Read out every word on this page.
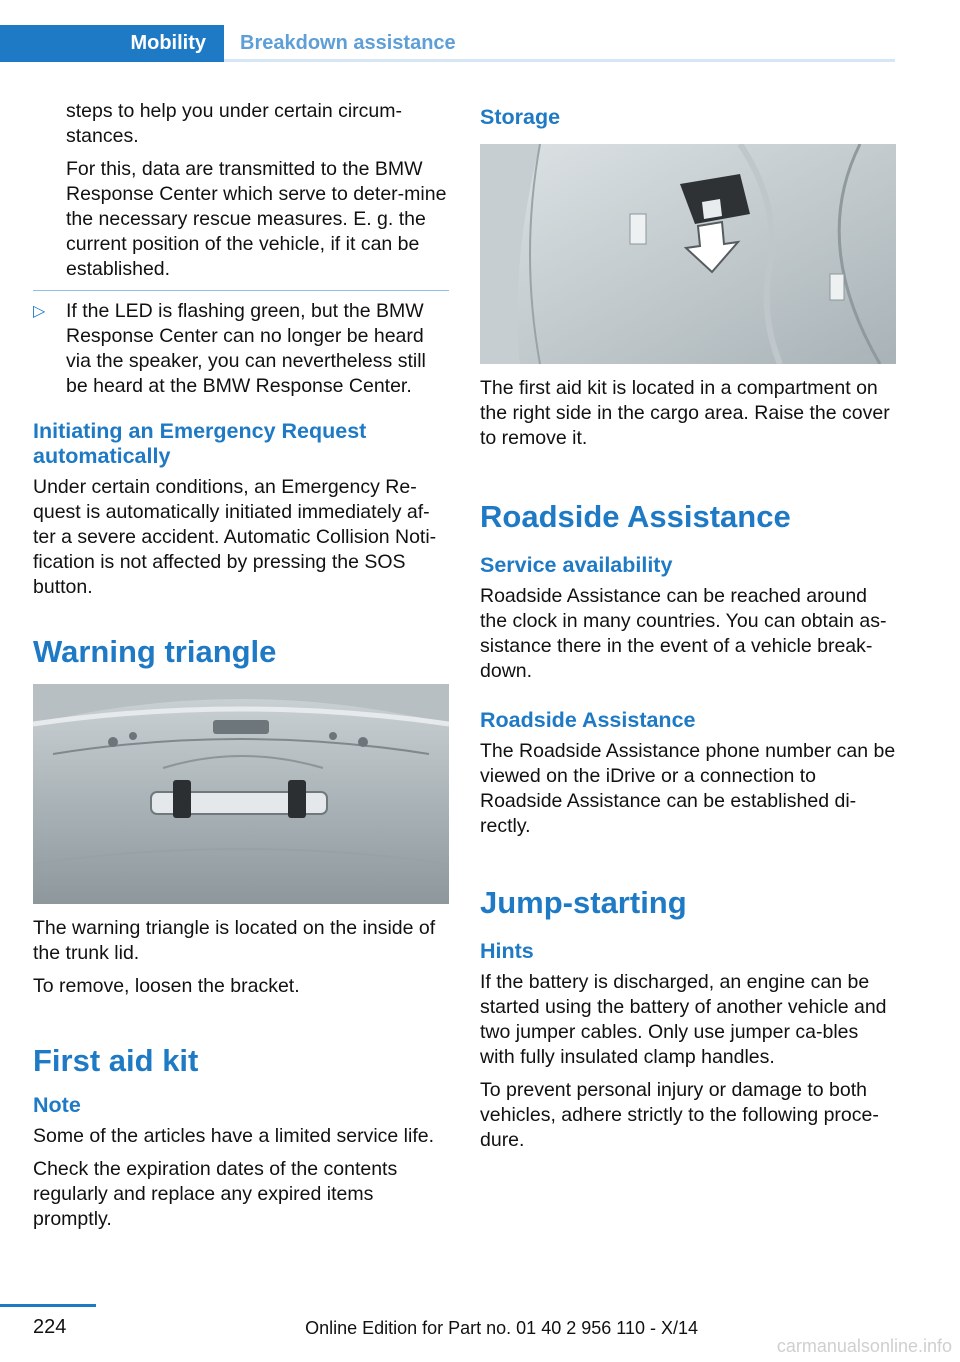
Mobility	Breakdown assistance

steps to help you under certain circum-stances.

For this, data are transmitted to the BMW Response Center which serve to deter-mine the necessary rescue measures. E. g. the current position of the vehicle, if it can be established.

▷	If the LED is flashing green, but the BMW Response Center can no longer be heard via the speaker, you can nevertheless still be heard at the BMW Response Center.
Initiating an Emergency Request automatically

Under certain conditions, an Emergency Re-quest is automatically initiated immediately af-ter a severe accident. Automatic Collision Noti-fication is not affected by pressing the SOS button.

Warning triangle

The warning triangle is located on the inside of the trunk lid.

To remove, loosen the bracket.

First aid kit
Note

Some of the articles have a limited service life.

Check the expiration dates of the contents regularly and replace any expired items promptly.

Storage

The first aid kit is located in a compartment on the right side in the cargo area. Raise the cover to remove it.

Roadside Assistance
Service availability

Roadside Assistance can be reached around the clock in many countries. You can obtain as-sistance there in the event of a vehicle break-down.

Roadside Assistance

The Roadside Assistance phone number can be viewed on the iDrive or a connection to Roadside Assistance can be established di-rectly.

Jump-starting
Hints

If the battery is discharged, an engine can be started using the battery of another vehicle and two jumper cables. Only use jumper ca-bles with fully insulated clamp handles.

To prevent personal injury or damage to both vehicles, adhere strictly to the following proce-dure.

224	Online Edition for Part no. 01 40 2 956 110 - X/14
carmanualsonline.info
